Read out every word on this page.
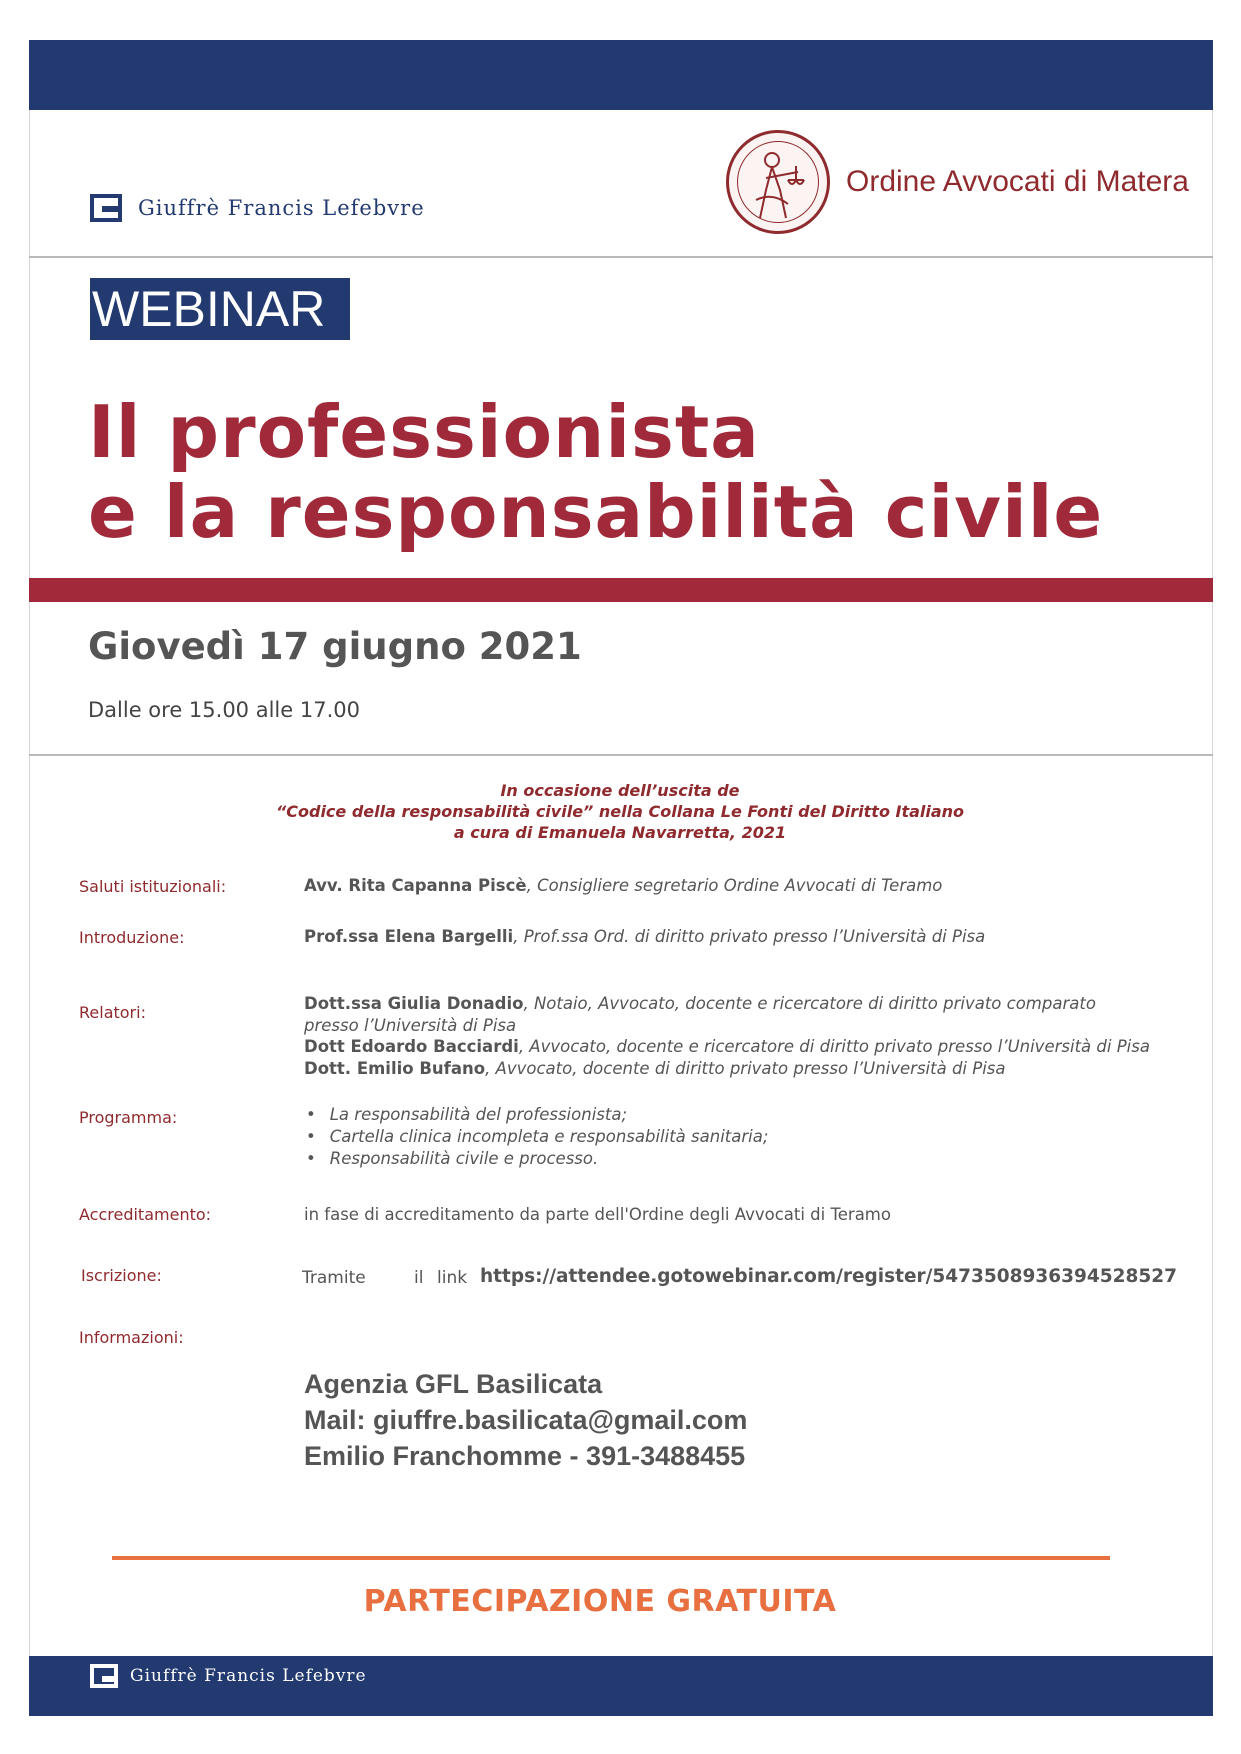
Giuffrè Francis Lefebvre
Ordine Avvocati di Matera
WEBINAR
Il professionista
e la responsabilità civile
Giovedì 17 giugno 2021
Dalle ore 15.00 alle 17.00
In occasione dell’uscita de
“Codice della responsabilità civile” nella Collana Le Fonti del Diritto Italiano
a cura di Emanuela Navarretta, 2021
Saluti istituzionali:	Avv. Rita Capanna Piscè, Consigliere segretario Ordine Avvocati di Teramo
Introduzione:	Prof.ssa Elena Bargelli, Prof.ssa Ord. di diritto privato presso l’Università di Pisa
Relatori:	Dott.ssa Giulia Donadio, Notaio, Avvocato, docente e ricercatore di diritto privato comparato
presso l’Università di Pisa
Dott Edoardo Bacciardi, Avvocato, docente e ricercatore di diritto privato presso l’Università di Pisa
Dott. Emilio Bufano, Avvocato, docente di diritto privato presso l’Università di Pisa
Programma:
•	La responsabilità del professionista;
• Cartella clinica incompleta e responsabilità sanitaria;
• Responsabilità civile e processo.
Accreditamento:	in fase di accreditamento da parte dell'Ordine degli Avvocati di Teramo
Iscrizione:	Tramite	il link https://attendee.gotowebinar.com/register/5473508936394528527
Informazioni:
Agenzia GFL Basilicata
Mail: giuffre.basilicata@gmail.com
Emilio Franchomme - 391-3488455
PARTECIPAZIONE GRATUITA
Giuffrè Francis Lefebvre
